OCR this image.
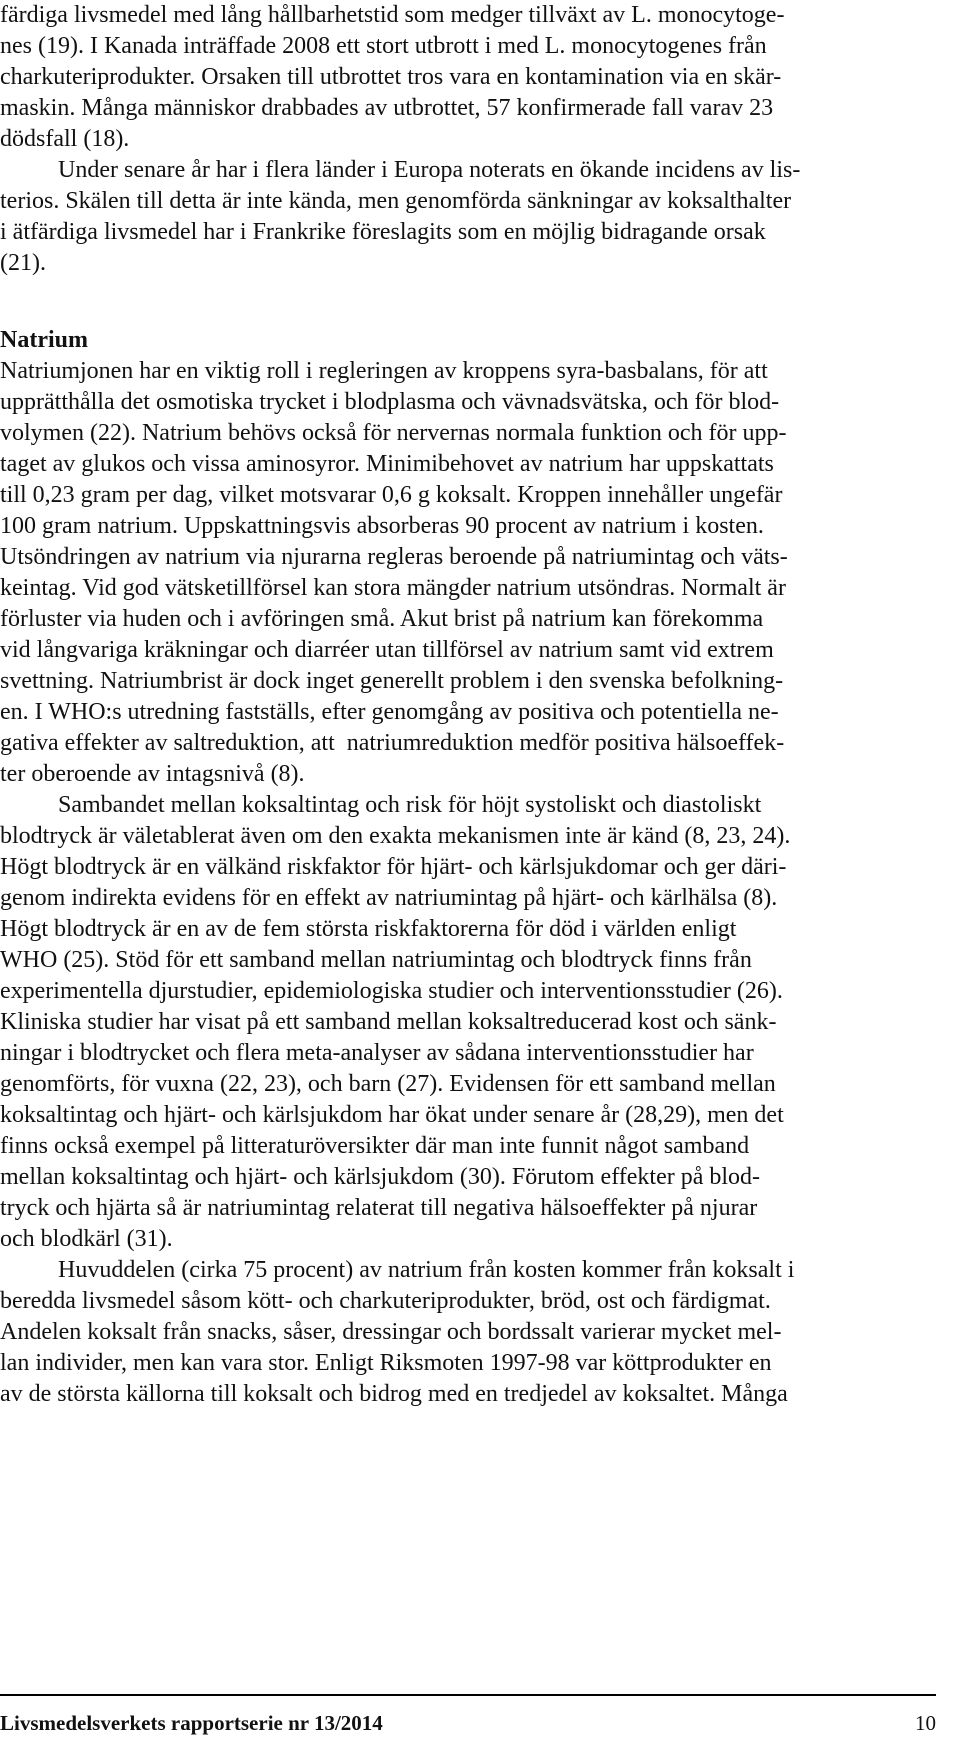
färdiga livsmedel med lång hållbarhetstid som medger tillväxt av L. monocytoge-
nes (19). I Kanada inträffade 2008 ett stort utbrott i med L. monocytogenes från
charkuteriprodukter. Orsaken till utbrottet tros vara en kontamination via en skär-
maskin. Många människor drabbades av utbrottet, 57 konfirmerade fall varav 23
dödsfall (18).
Under senare år har i flera länder i Europa noterats en ökande incidens av lis-
terios. Skälen till detta är inte kända, men genomförda sänkningar av koksalthalter
i ätfärdiga livsmedel har i Frankrike föreslagits som en möjlig bidragande orsak
(21).
Natrium
Natriumjonen har en viktig roll i regleringen av kroppens syra-basbalans, för att
upprätthålla det osmotiska trycket i blodplasma och vävnadsvätska, och för blod-
volymen (22). Natrium behövs också för nervernas normala funktion och för upp-
taget av glukos och vissa aminosyror. Minimibehovet av natrium har uppskattats
till 0,23 gram per dag, vilket motsvarar 0,6 g koksalt. Kroppen innehåller ungefär
100 gram natrium. Uppskattningsvis absorberas 90 procent av natrium i kosten.
Utsöndringen av natrium via njurarna regleras beroende på natriumintag och väts-
keintag. Vid god vätsketillförsel kan stora mängder natrium utsöndras. Normalt är
förluster via huden och i avföringen små. Akut brist på natrium kan förekomma
vid långvariga kräkningar och diarréer utan tillförsel av natrium samt vid extrem
svettning. Natriumbrist är dock inget generellt problem i den svenska befolkning-
en. I WHO:s utredning fastställs, efter genomgång av positiva och potentiella ne-
gativa effekter av saltreduktion, att  natriumreduktion medför positiva hälsoeffek-
ter oberoende av intagsnivå (8).
Sambandet mellan koksaltintag och risk för höjt systoliskt och diastoliskt
blodtryck är väletablerat även om den exakta mekanismen inte är känd (8, 23, 24).
Högt blodtryck är en välkänd riskfaktor för hjärt- och kärlsjukdomar och ger däri-
genom indirekta evidens för en effekt av natriumintag på hjärt- och kärlhälsa (8).
Högt blodtryck är en av de fem största riskfaktorerna för död i världen enligt
WHO (25). Stöd för ett samband mellan natriumintag och blodtryck finns från
experimentella djurstudier, epidemiologiska studier och interventionsstudier (26).
Kliniska studier har visat på ett samband mellan koksaltreducerad kost och sänk-
ningar i blodtrycket och flera meta-analyser av sådana interventionsstudier har
genomförts, för vuxna (22, 23), och barn (27). Evidensen för ett samband mellan
koksaltintag och hjärt- och kärlsjukdom har ökat under senare år (28,29), men det
finns också exempel på litteraturöversikter där man inte funnit något samband
mellan koksaltintag och hjärt- och kärlsjukdom (30). Förutom effekter på blod-
tryck och hjärta så är natriumintag relaterat till negativa hälsoeffekter på njurar
och blodkärl (31).
Huvuddelen (cirka 75 procent) av natrium från kosten kommer från koksalt i
beredda livsmedel såsom kött- och charkuteriprodukter, bröd, ost och färdigmat.
Andelen koksalt från snacks, såser, dressingar och bordssalt varierar mycket mel-
lan individer, men kan vara stor. Enligt Riksmoten 1997-98 var köttprodukter en
av de största källorna till koksalt och bidrog med en tredjedel av koksaltet. Många
Livsmedelsverkets rapportserie nr 13/2014	10
